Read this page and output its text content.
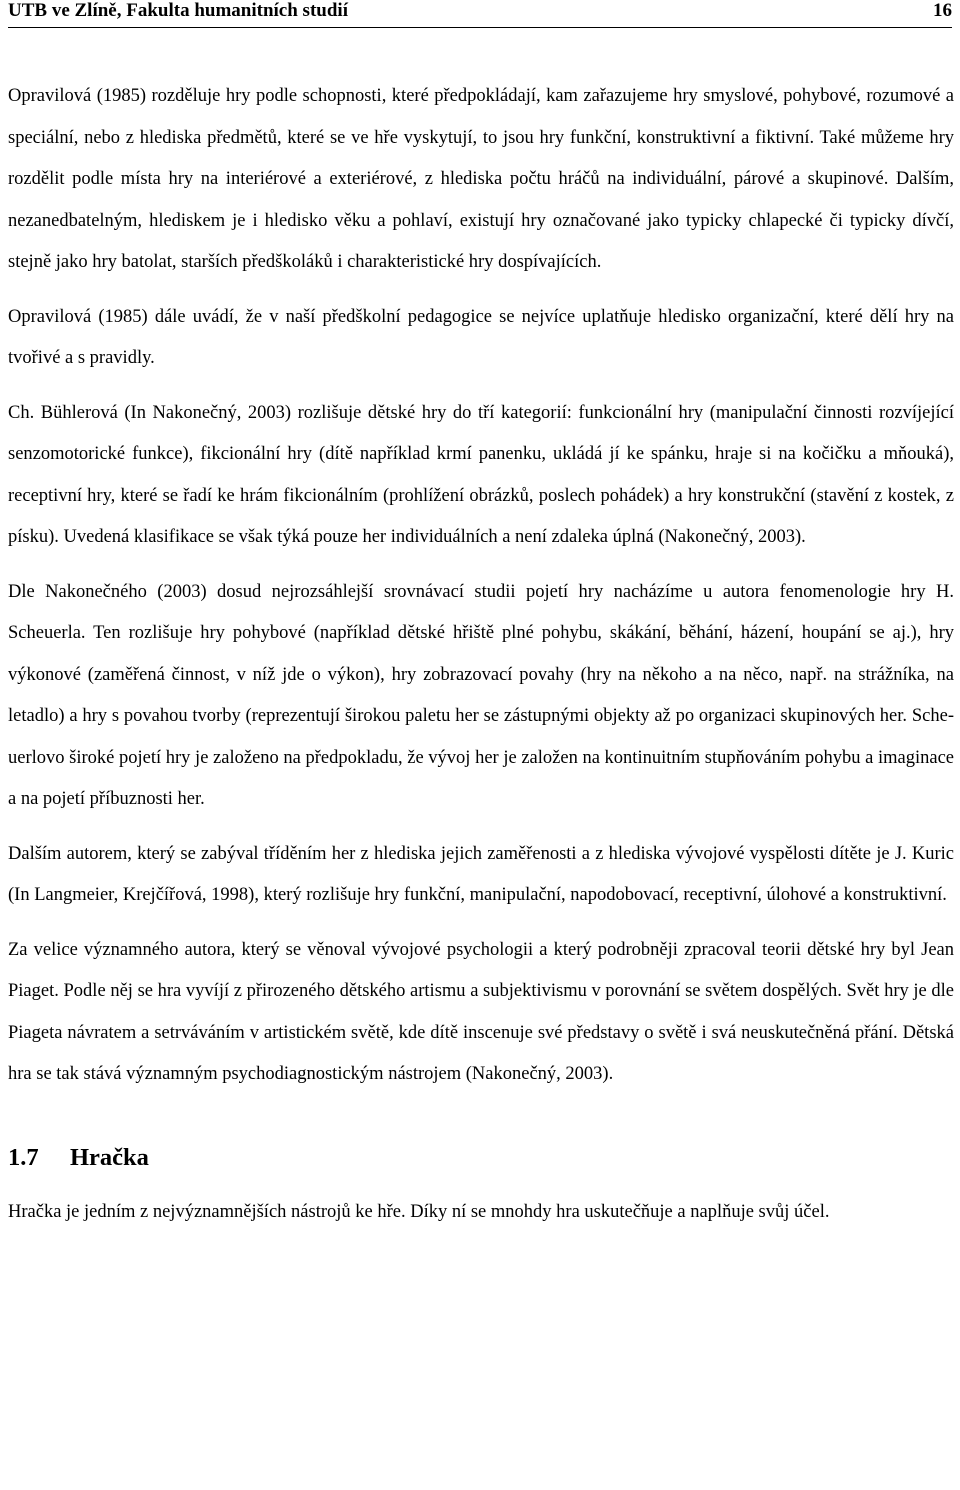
UTB ve Zlíně, Fakulta humanitních studií	16

Opravilová (1985) rozděluje hry podle schopnosti, které předpokládají, kam zařazujeme hry smyslové, pohybové, rozumové a speciální, nebo z hlediska předmětů, které se ve hře vyskytují, to jsou hry funkční, konstruktivní a fiktivní. Také můžeme hry rozdělit podle místa hry na interiérové a exteriérové, z hlediska počtu hráčů na individuální, párové a skupinové. Dalším, nezanedbatelným, hlediskem je i hledisko věku a pohlaví, existují hry označované jako typicky chlapecké či typicky dívčí, stejně jako hry batolat, starších předškoláků i charakteristické hry dospívajících.

Opravilová (1985) dále uvádí, že v naší předškolní pedagogice se nejvíce uplatňuje hledisko organizační, které dělí hry na tvořivé a s pravidly.

Ch. Bühlerová (In Nakonečný, 2003) rozlišuje dětské hry do tří kategorií: funkcionální hry (manipulační činnosti rozvíjející senzomotorické funkce), fikcionální hry (dítě například krmí panenku, ukládá jí ke spánku, hraje si na kočičku a mňouká), receptivní hry, které se řadí ke hrám fikcionálním (prohlížení obrázků, poslech pohádek) a hry konstrukční (stavění z kostek, z písku). Uvedená klasifikace se však týká pouze her individuálních a není zdaleka úplná (Nakonečný, 2003).

Dle Nakonečného (2003) dosud nejrozsáhlejší srovnávací studii pojetí hry nacházíme u autora fenomenologie hry H. Scheuerla. Ten rozlišuje hry pohybové (například dětské hřiště plné pohybu, skákání, běhání, házení, houpání se aj.), hry výkonové (zaměřená činnost, v níž jde o výkon), hry zobrazovací povahy (hry na někoho a na něco, např. na strážníka, na letadlo) a hry s povahou tvorby (reprezentují širokou paletu her se zástupnými objekty až po organizaci skupinových her. Scheuerlovo široké pojetí hry je založeno na předpokladu, že vývoj her je založen na kontinuitním stupňováním pohybu a imaginace a na pojetí příbuznosti her.

Dalším autorem, který se zabýval tříděním her z hlediska jejich zaměřenosti a z hlediska vývojové vyspělosti dítěte je J. Kuric (In Langmeier, Krejčířová, 1998), který rozlišuje hry funkční, manipulační, napodobovací, receptivní, úlohové a konstruktivní.

Za velice významného autora, který se věnoval vývojové psychologii a který podrobněji zpracoval teorii dětské hry byl Jean Piaget. Podle něj se hra vyvíjí z přirozeného dětského artismu a subjektivismu v porovnání se světem dospělých. Svět hry je dle Piageta návratem a setrváváním v artistickém světě, kde dítě inscenuje své představy o světě i svá neuskutečněná přání. Dětská hra se tak stává významným psychodiagnostickým nástrojem (Nakonečný, 2003).

1.7	Hračka

Hračka je jedním z nejvýznamnějších nástrojů ke hře. Díky ní se mnohdy hra uskutečňuje a naplňuje svůj účel.
